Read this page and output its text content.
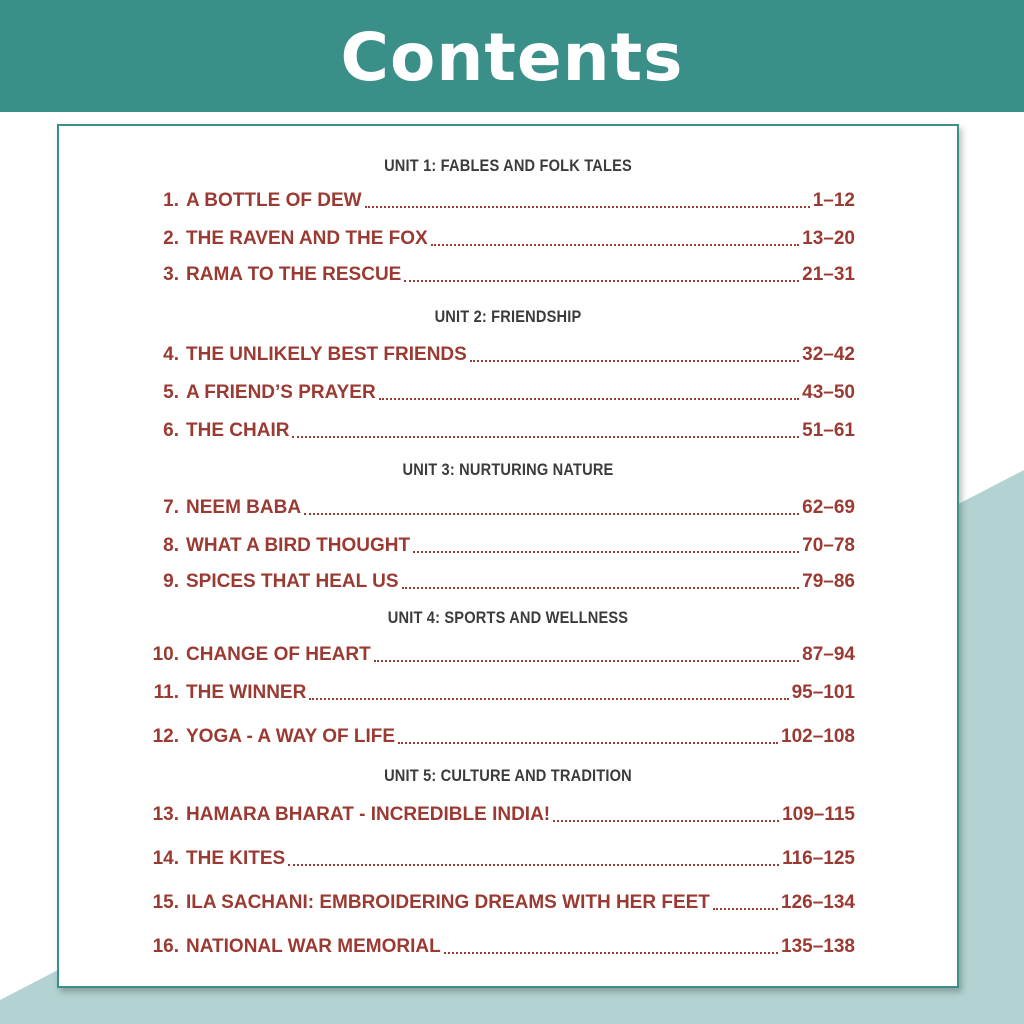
Contents
UNIT 1: FABLES AND FOLK TALES
1. A BOTTLE OF DEW	1–12
2. THE RAVEN AND THE FOX	13–20
3. RAMA TO THE RESCUE	21–31
UNIT 2: FRIENDSHIP
4. THE UNLIKELY BEST FRIENDS	32–42
5. A FRIEND’S PRAYER	43–50
6. THE CHAIR	51–61
UNIT 3: NURTURING NATURE
7. NEEM BABA	62–69
8. WHAT A BIRD THOUGHT	70–78
9. SPICES THAT HEAL US	79–86
UNIT 4: SPORTS AND WELLNESS
10. CHANGE OF HEART	87–94
11. THE WINNER	95–101
12. YOGA - A WAY OF LIFE	102–108
UNIT 5: CULTURE AND TRADITION
13. HAMARA BHARAT - INCREDIBLE INDIA!	109–115
14. THE KITES	116–125
15. ILA SACHANI: EMBROIDERING DREAMS WITH HER FEET	126–134
16. NATIONAL WAR MEMORIAL	135–138
